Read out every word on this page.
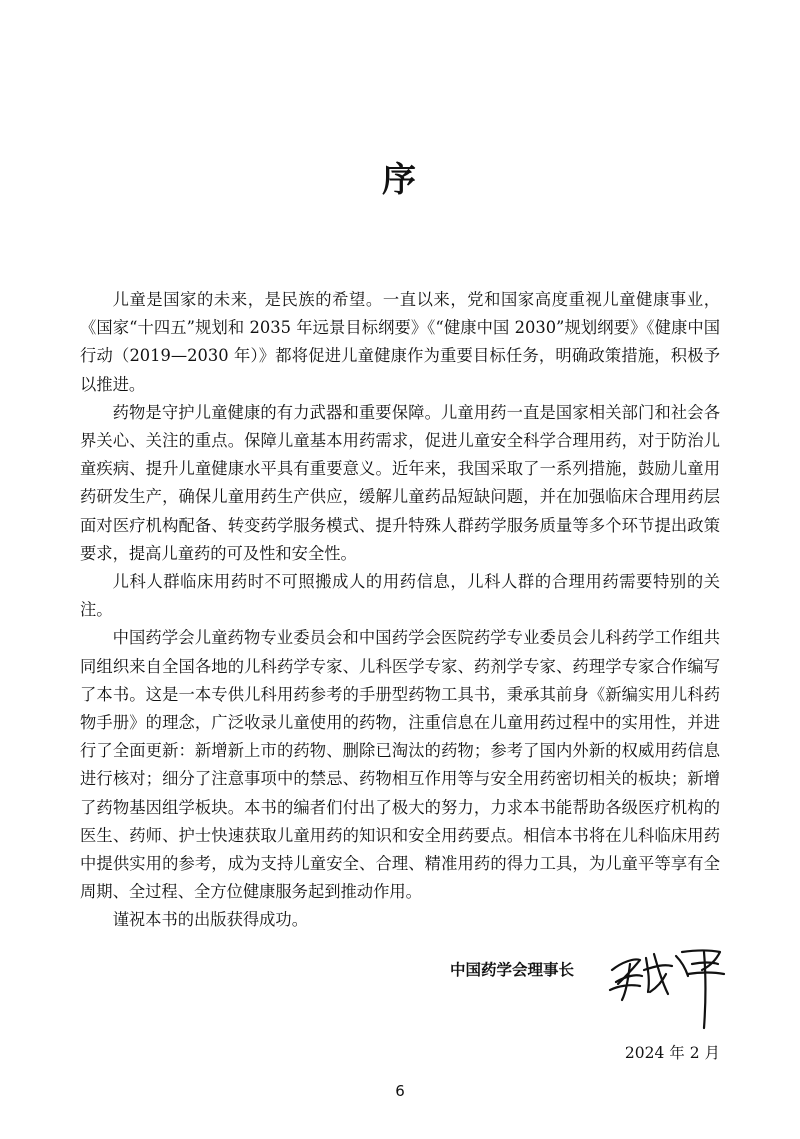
序

儿童是国家的未来，是民族的希望。一直以来，党和国家高度重视儿童健康事业，《国家“十四五”规划和 2035 年远景目标纲要》《“健康中国 2030”规划纲要》《健康中国行动（2019—2030 年）》都将促进儿童健康作为重要目标任务，明确政策措施，积极予以推进。

药物是守护儿童健康的有力武器和重要保障。儿童用药一直是国家相关部门和社会各界关心、关注的重点。保障儿童基本用药需求，促进儿童安全科学合理用药，对于防治儿童疾病、提升儿童健康水平具有重要意义。近年来，我国采取了一系列措施，鼓励儿童用药研发生产，确保儿童用药生产供应，缓解儿童药品短缺问题，并在加强临床合理用药层面对医疗机构配备、转变药学服务模式、提升特殊人群药学服务质量等多个环节提出政策要求，提高儿童药的可及性和安全性。

儿科人群临床用药时不可照搬成人的用药信息，儿科人群的合理用药需要特别的关注。

中国药学会儿童药物专业委员会和中国药学会医院药学专业委员会儿科药学工作组共同组织来自全国各地的儿科药学专家、儿科医学专家、药剂学专家、药理学专家合作编写了本书。这是一本专供儿科用药参考的手册型药物工具书，秉承其前身《新编实用儿科药物手册》的理念，广泛收录儿童使用的药物，注重信息在儿童用药过程中的实用性，并进行了全面更新：新增新上市的药物、删除已淘汰的药物；参考了国内外新的权威用药信息进行核对；细分了注意事项中的禁忌、药物相互作用等与安全用药密切相关的板块；新增了药物基因组学板块。本书的编者们付出了极大的努力，力求本书能帮助各级医疗机构的医生、药师、护士快速获取儿童用药的知识和安全用药要点。相信本书将在儿科临床用药中提供实用的参考，成为支持儿童安全、合理、精准用药的得力工具，为儿童平等享有全周期、全过程、全方位健康服务起到推动作用。

谨祝本书的出版获得成功。

中国药学会理事长
2024 年 2 月
6
